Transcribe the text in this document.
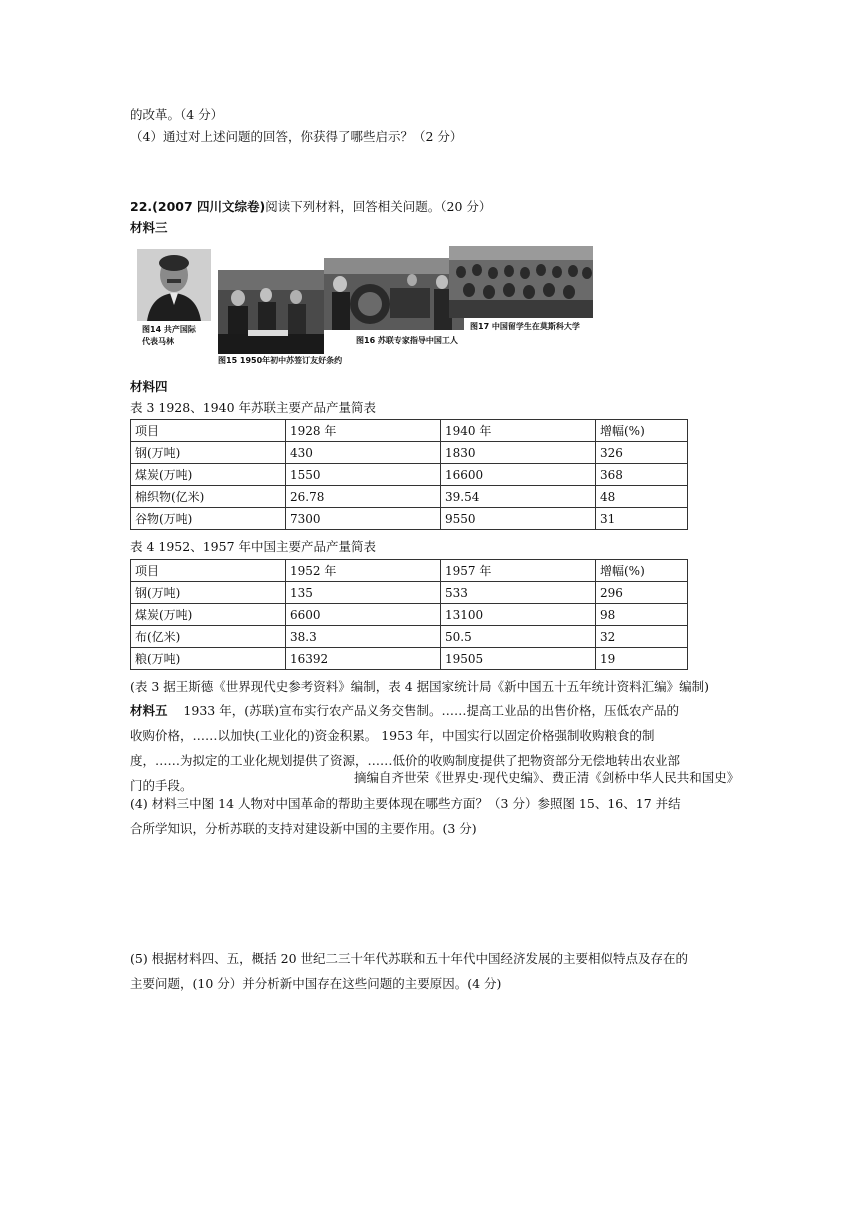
的改革。（4 分）
（4）通过对上述问题的回答，你获得了哪些启示？（2 分）
22.(2007 四川文综卷)阅读下列材料，回答相关问题。（20 分）
材料三
图14 共产国际
代表马林
图15 1950年初中苏签订友好条约
图16 苏联专家指导中国工人
图17 中国留学生在莫斯科大学
材料四
表 3 1928、1940 年苏联主要产品产量简表
项目	1928 年	1940 年	增幅(%)
钢(万吨)	430	1830	326
煤炭(万吨)	1550	16600	368
棉织物(亿米)	26.78	39.54	48
谷物(万吨)	7300	9550	31
表 4 1952、1957 年中国主要产品产量简表
项目	1952 年	1957 年	增幅(%)
钢(万吨)	135	533	296
煤炭(万吨)	6600	13100	98
布(亿米)	38.3	50.5	32
粮(万吨)	16392	19505	19
(表 3 据王斯德《世界现代史参考资料》编制，表 4 据国家统计局《新中国五十五年统计资料汇编》编制)
材料五 1933 年，(苏联)宣布实行农产品义务交售制。……提高工业品的出售价格，压低农产品的收购价格，……以加快(工业化的)资金积累。 1953 年，中国实行以固定价格强制收购粮食的制度，……为拟定的工业化规划提供了资源，……低价的收购制度提供了把物资部分无偿地转出农业部门的手段。
摘编自齐世荣《世界史·现代史编》、费正清《剑桥中华人民共和国史》
(4) 材料三中图 14 人物对中国革命的帮助主要体现在哪些方面？（3 分）参照图 15、16、17 并结合所学知识，分析苏联的支持对建设新中国的主要作用。(3 分)
(5) 根据材料四、五，概括 20 世纪二三十年代苏联和五十年代中国经济发展的主要相似特点及存在的主要问题，(10 分）并分析新中国存在这些问题的主要原因。(4 分)
